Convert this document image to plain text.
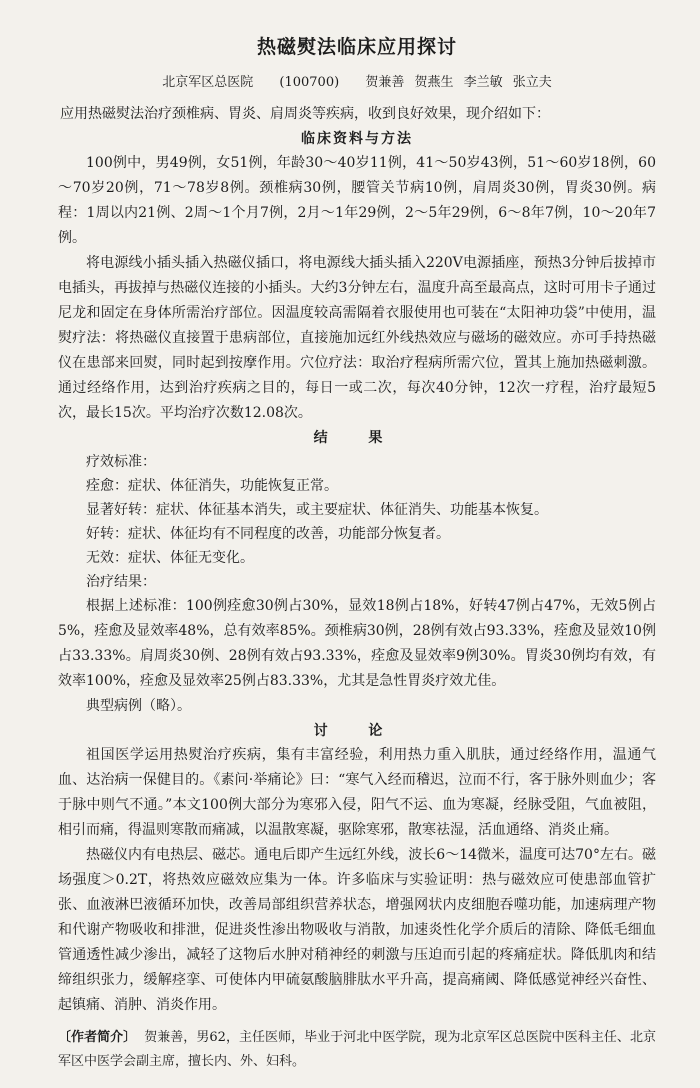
热磁熨法临床应用探讨
北京军区总医院 (100700) 贺兼善 贺燕生 李兰敏 张立夫

应用热磁熨法治疗颈椎病、胃炎、肩周炎等疾病，收到良好效果，现介绍如下：

临床资料与方法

100例中，男49例，女51例，年龄30～40岁11例，41～50岁43例，51～60岁18例，60～70岁20例，71～78岁8例。颈椎病30例，腰管关节病10例，肩周炎30例，胃炎30例。病程：1周以内21例、2周～1个月7例，2月～1年29例，2～5年29例，6～8年7例，10～20年7例。

将电源线小插头插入热磁仪插口，将电源线大插头插入220V电源插座，预热3分钟后拔掉市电插头，再拔掉与热磁仪连接的小插头。大约3分钟左右，温度升高至最高点，这时可用卡子通过尼龙和固定在身体所需治疗部位。因温度较高需隔着衣服使用也可装在“太阳神功袋”中使用，温熨疗法：将热磁仪直接置于患病部位，直接施加远红外线热效应与磁场的磁效应。亦可手持热磁仪在患部来回熨，同时起到按摩作用。穴位疗法：取治疗程病所需穴位，置其上施加热磁刺激。通过经络作用，达到治疗疾病之目的，每日一或二次，每次40分钟，12次一疗程，治疗最短5次，最长15次。平均治疗次数12.08次。

结 果

疗效标准：

痊愈：症状、体征消失，功能恢复正常。

显著好转：症状、体征基本消失，或主要症状、体征消失、功能基本恢复。

好转：症状、体征均有不同程度的改善，功能部分恢复者。

无效：症状、体征无变化。

治疗结果：

根据上述标准：100例痊愈30例占30%，显效18例占18%，好转47例占47%，无效5例占5%，痊愈及显效率48%，总有效率85%。颈椎病30例，28例有效占93.33%，痊愈及显效10例占33.33%。肩周炎30例、28例有效占93.33%，痊愈及显效率9例30%。胃炎30例均有效，有效率100%，痊愈及显效率25例占83.33%，尤其是急性胃炎疗效尤佳。

典型病例（略）。

讨 论

祖国医学运用热熨治疗疾病，集有丰富经验，利用热力重入肌肤，通过经络作用，温通气血、达治病一保健目的。《素问·举痛论》曰：“寒气入经而稽迟，泣而不行，客于脉外则血少；客于脉中则气不通。”本文100例大部分为寒邪入侵，阳气不运、血为寒凝，经脉受阻，气血被阻，相引而痛，得温则寒散而痛减，以温散寒凝，驱除寒邪，散寒祛湿，活血通络、消炎止痛。

热磁仪内有电热层、磁芯。通电后即产生远红外线，波长6～14微米，温度可达70°左右。磁场强度＞0.2T，将热效应磁效应集为一体。许多临床与实验证明：热与磁效应可使患部血管扩张、血液淋巴液循环加快，改善局部组织营养状态，增强网状内皮细胞吞噬功能，加速病理产物和代谢产物吸收和排泄，促进炎性渗出物吸收与消散，加速炎性化学介质后的清除、降低毛细血管通透性减少渗出，减轻了这物后水肿对稍神经的刺激与压迫而引起的疼痛症状。降低肌肉和结缔组织张力，缓解痉挛、可使体内甲硫氨酸脑腓肽水平升高，提高痛阈、降低感觉神经兴奋性、起镇痛、消肿、消炎作用。

〔作者简介〕 贺兼善，男62，主任医师，毕业于河北中医学院，现为北京军区总医院中医科主任、北京军区中医学会副主席，擅长内、外、妇科。
